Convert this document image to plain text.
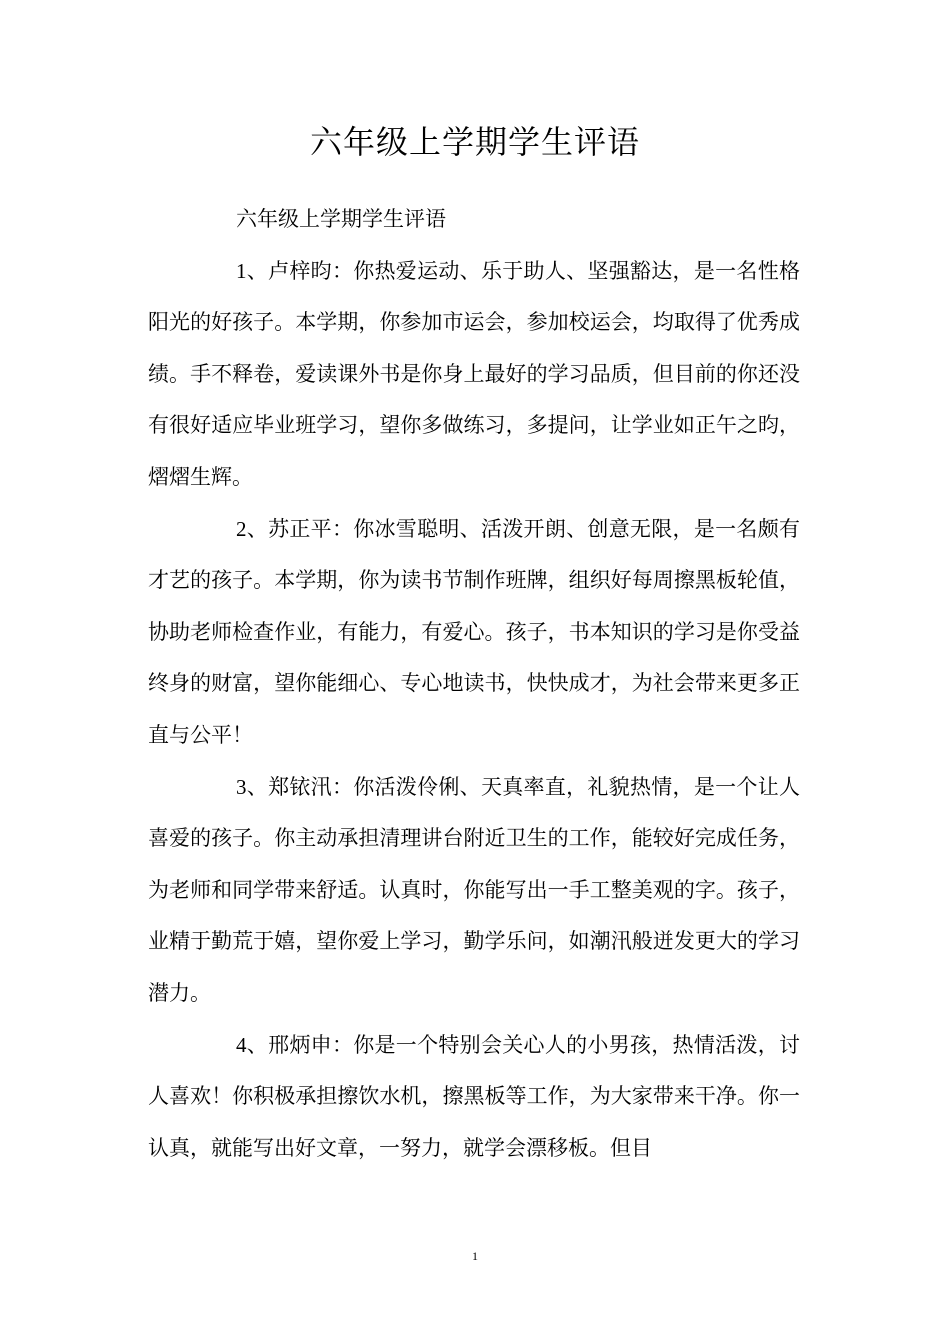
六年级上学期学生评语

六年级上学期学生评语

1、卢梓昀：你热爱运动、乐于助人、坚强豁达，是一名性格阳光的好孩子。本学期，你参加市运会，参加校运会，均取得了优秀成绩。手不释卷，爱读课外书是你身上最好的学习品质，但目前的你还没有很好适应毕业班学习，望你多做练习，多提问，让学业如正午之昀，熠熠生辉。

2、苏正平：你冰雪聪明、活泼开朗、创意无限，是一名颇有才艺的孩子。本学期，你为读书节制作班牌，组织好每周擦黑板轮值，协助老师检查作业，有能力，有爱心。孩子，书本知识的学习是你受益终身的财富，望你能细心、专心地读书，快快成才，为社会带来更多正直与公平！

3、郑铱汛：你活泼伶俐、天真率直，礼貌热情，是一个让人喜爱的孩子。你主动承担清理讲台附近卫生的工作，能较好完成任务，为老师和同学带来舒适。认真时，你能写出一手工整美观的字。孩子，业精于勤荒于嬉，望你爱上学习，勤学乐问，如潮汛般迸发更大的学习潜力。

4、邢炳申：你是一个特别会关心人的小男孩，热情活泼，讨人喜欢！你积极承担擦饮水机，擦黑板等工作，为大家带来干净。你一认真，就能写出好文章，一努力，就学会漂移板。但目

1
